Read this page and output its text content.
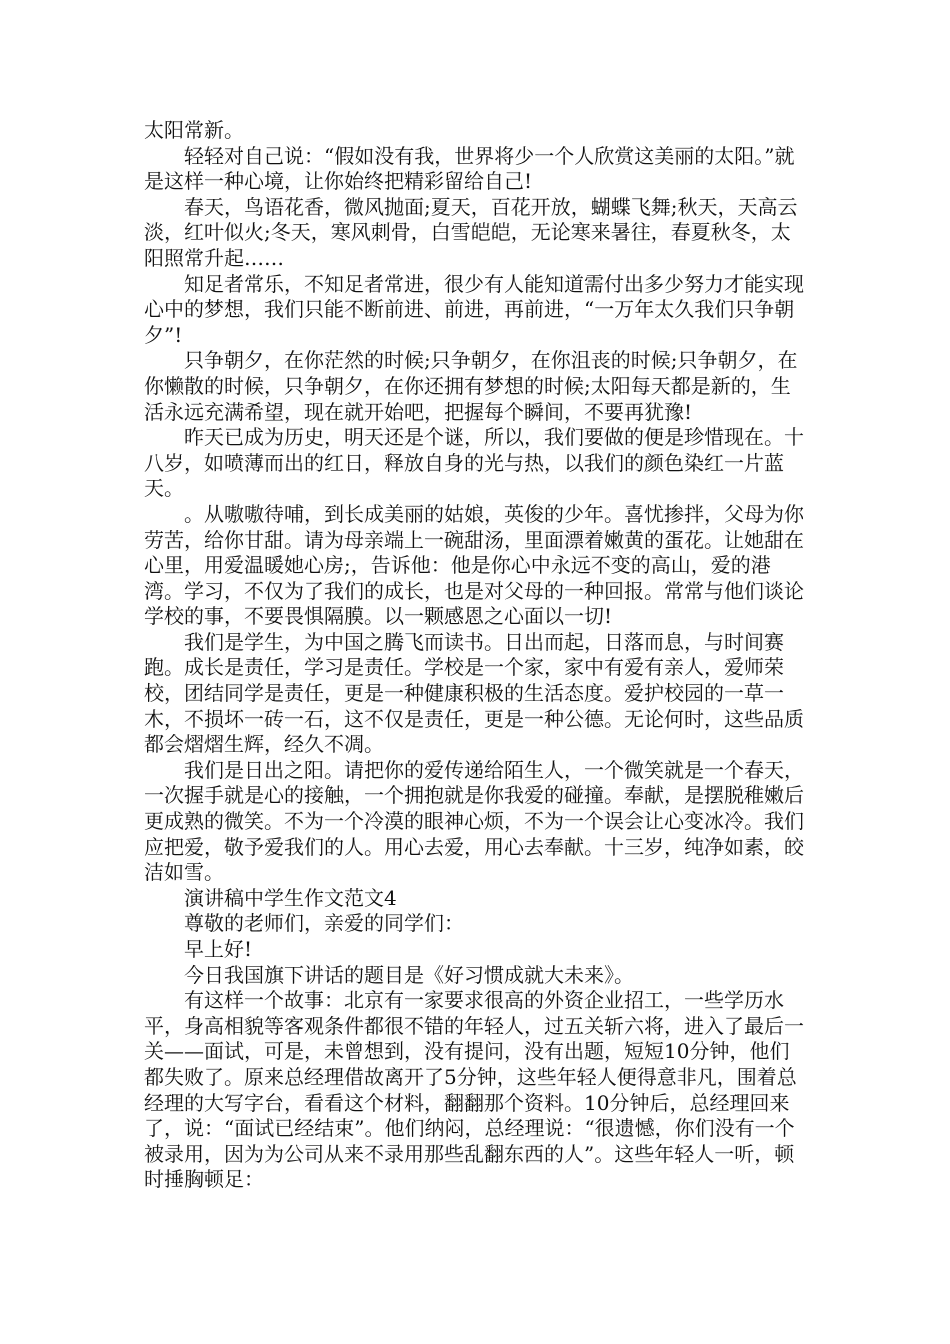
太阳常新。

轻轻对自己说：“假如没有我，世界将少一个人欣赏这美丽的太阳。”就是这样一种心境，让你始终把精彩留给自己!

春天，鸟语花香，微风抛面;夏天，百花开放，蝴蝶飞舞;秋天，天高云淡，红叶似火;冬天，寒风刺骨，白雪皑皑，无论寒来暑往，春夏秋冬，太阳照常升起……

知足者常乐，不知足者常进，很少有人能知道需付出多少努力才能实现心中的梦想，我们只能不断前进、前进，再前进，“一万年太久我们只争朝夕”!

只争朝夕，在你茫然的时候;只争朝夕，在你沮丧的时候;只争朝夕，在你懒散的时候，只争朝夕，在你还拥有梦想的时候;太阳每天都是新的，生活永远充满希望，现在就开始吧，把握每个瞬间，不要再犹豫!

昨天已成为历史，明天还是个谜，所以，我们要做的便是珍惜现在。十八岁，如喷薄而出的红日，释放自身的光与热，以我们的颜色染红一片蓝天。

。从嗷嗷待哺，到长成美丽的姑娘，英俊的少年。喜忧掺拌，父母为你劳苦，给你甘甜。请为母亲端上一碗甜汤，里面漂着嫩黄的蛋花。让她甜在心里，用爱温暖她心房;，告诉他：他是你心中永远不变的高山，爱的港湾。学习，不仅为了我们的成长，也是对父母的一种回报。常常与他们谈论学校的事，不要畏惧隔膜。以一颗感恩之心面以一切!

我们是学生，为中国之腾飞而读书。日出而起，日落而息，与时间赛跑。成长是责任，学习是责任。学校是一个家，家中有爱有亲人，爱师荣校，团结同学是责任，更是一种健康积极的生活态度。爱护校园的一草一木，不损坏一砖一石，这不仅是责任，更是一种公德。无论何时，这些品质都会熠熠生辉，经久不凋。

我们是日出之阳。请把你的爱传递给陌生人，一个微笑就是一个春天，一次握手就是心的接触，一个拥抱就是你我爱的碰撞。奉献，是摆脱稚嫩后更成熟的微笑。不为一个冷漠的眼神心烦，不为一个误会让心变冰冷。我们应把爱，敬予爱我们的人。用心去爱，用心去奉献。十三岁，纯净如素，皎洁如雪。

演讲稿中学生作文范文4

尊敬的老师们，亲爱的同学们：

早上好!

今日我国旗下讲话的题目是《好习惯成就大未来》。

有这样一个故事：北京有一家要求很高的外资企业招工，一些学历水平，身高相貌等客观条件都很不错的年轻人，过五关斩六将，进入了最后一关——面试，可是，未曾想到，没有提问，没有出题，短短10分钟，他们都失败了。原来总经理借故离开了5分钟，这些年轻人便得意非凡，围着总经理的大写字台，看看这个材料，翻翻那个资料。10分钟后，总经理回来了，说：“面试已经结束”。他们纳闷，总经理说：“很遗憾，你们没有一个被录用，因为为公司从来不录用那些乱翻东西的人”。这些年轻人一听，顿时捶胸顿足：
